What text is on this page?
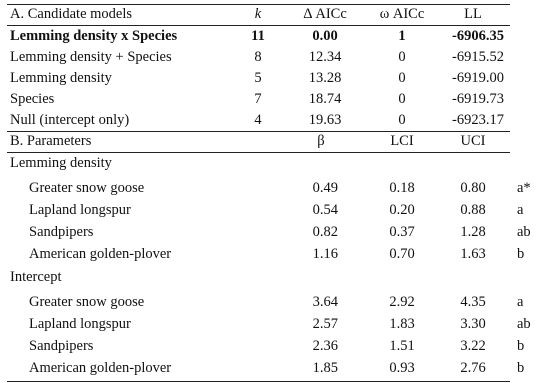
A. Candidate models	k	Δ AICc	ω AICc	LL
Lemming density x Species	11	0.00	1	-6906.35
Lemming density + Species	8	12.34	0	-6915.52
Lemming density	5	13.28	0	-6919.00
Species	7	18.74	0	-6919.73
Null (intercept only)	4	19.63	0	-6923.17
B. Parameters	β	LCI	UCI
Lemming density
Greater snow goose	0.49	0.18	0.80	a*
Lapland longspur	0.54	0.20	0.88	a
Sandpipers	0.82	0.37	1.28	ab
American golden-plover	1.16	0.70	1.63	b
Intercept
Greater snow goose	3.64	2.92	4.35	a
Lapland longspur	2.57	1.83	3.30	ab
Sandpipers	2.36	1.51	3.22	b
American golden-plover	1.85	0.93	2.76	b
